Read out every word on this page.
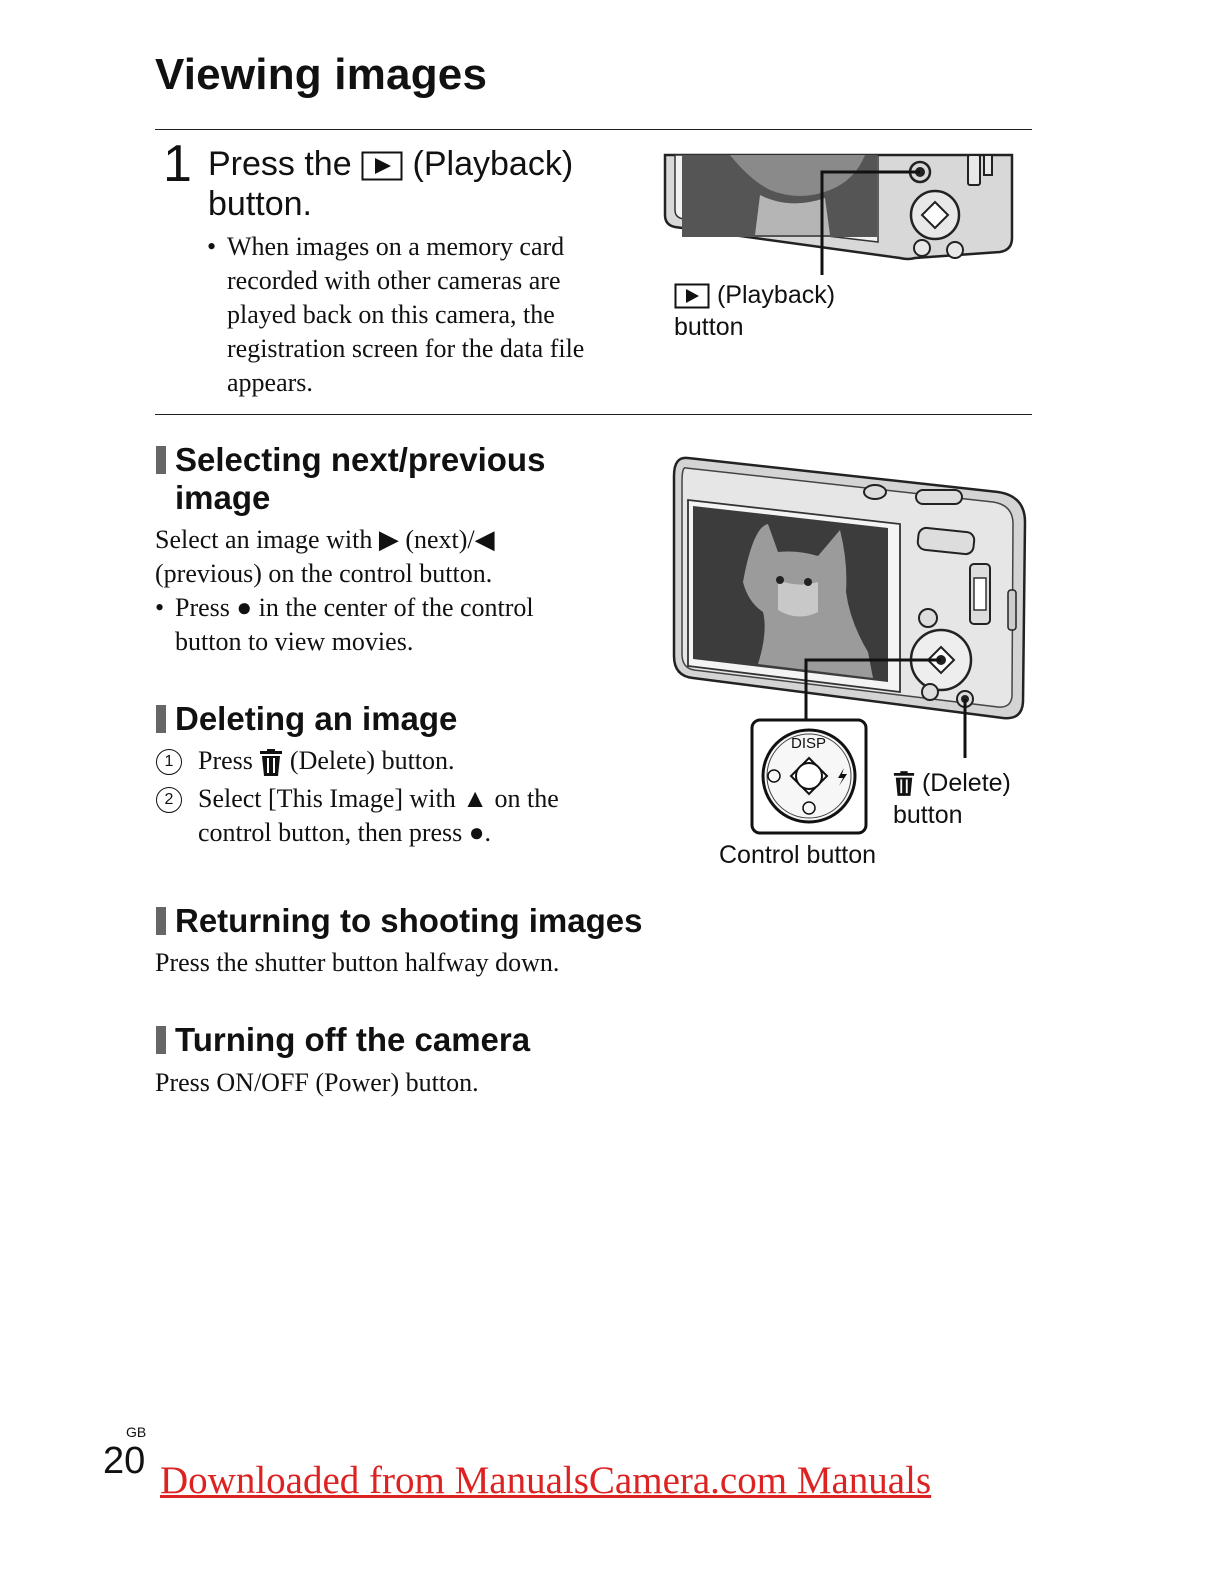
Viewing images
1 Press the (Playback)
button.
• When images on a memory card recorded with other cameras are played back on this camera, the registration screen for the data file appears.
(Playback)
button
Selecting next/previous
image
Select an image with ▶ (next)/◀
(previous) on the control button.
• Press ● in the center of the control button to view movies.
Deleting an image
1 Press (Delete) button.
2 Select [This Image] with ▲ on the control button, then press ●.
Returning to shooting images
Press the shutter button halfway down.
Turning off the camera
Press ON/OFF (Power) button.
DISP
(Delete)
button
Control button
GB
20 Downloaded from ManualsCamera.com Manuals
